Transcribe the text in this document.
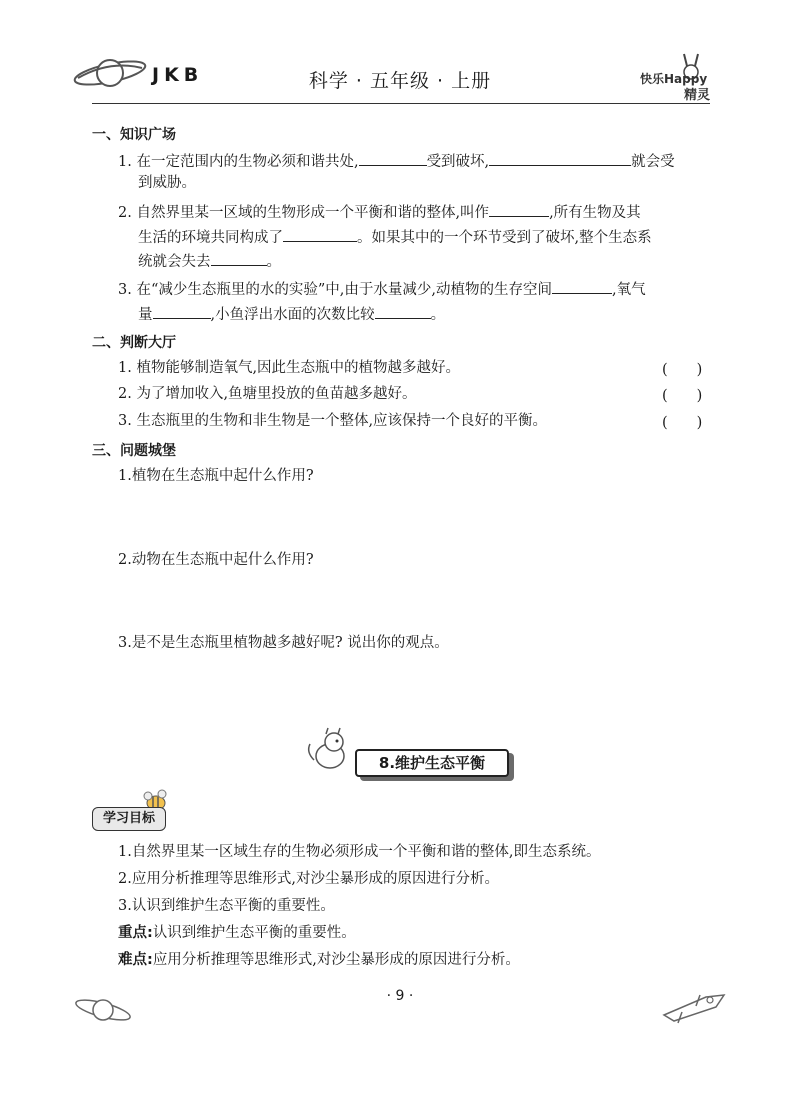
JKB	科学 · 五年级 · 上册	快乐Happy
精灵
一、知识广场
1. 在一定范围内的生物必须和谐共处,	受到破坏,	就会受
到威胁。
2. 自然界里某一区域的生物形成一个平衡和谐的整体,叫作	,所有生物及其
生活的环境共同构成了	。如果其中的一个环节受到了破坏,整个生态系
统就会失去	。
3. 在“减少生态瓶里的水的实验”中,由于水量减少,动植物的生存空间	,氧气
量	,小鱼浮出水面的次数比较	。
二、判断大厅
1. 植物能够制造氧气,因此生态瓶中的植物越多越好。	(　　)
2. 为了增加收入,鱼塘里投放的鱼苗越多越好。	(　　)
3. 生态瓶里的生物和非生物是一个整体,应该保持一个良好的平衡。	(　　)
三、问题城堡
1.植物在生态瓶中起什么作用?
2.动物在生态瓶中起什么作用?
3.是不是生态瓶里植物越多越好呢? 说出你的观点。
8.维护生态平衡
学习目标
1.自然界里某一区域生存的生物必须形成一个平衡和谐的整体,即生态系统。
2.应用分析推理等思维形式,对沙尘暴形成的原因进行分析。
3.认识到维护生态平衡的重要性。
重点:认识到维护生态平衡的重要性。
难点:应用分析推理等思维形式,对沙尘暴形成的原因进行分析。
· 9 ·
